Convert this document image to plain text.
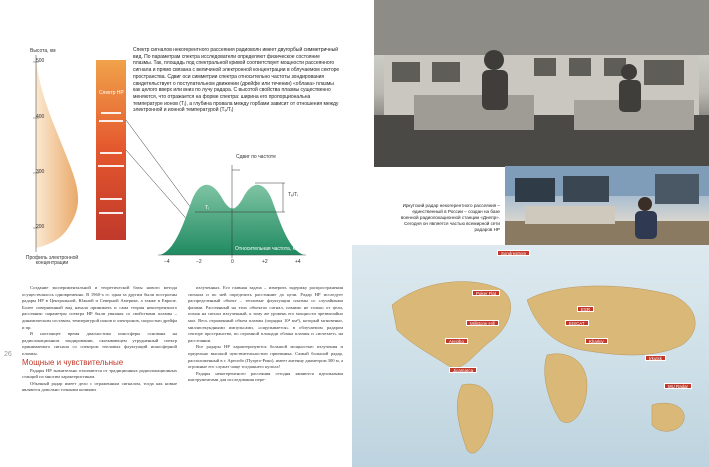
Высота, км
500
400
300
200
Профиль электронной концентрации
Спектр НР
−4	−2	0	+2	+4
Относительная частота, кГц
Сдвиг по частоте
Tₑ/Tᵢ
Tᵢ
Спектр сигналов некогерентного рассеяния радиоволн имеет двугорбый симметричный вид. По параметрам спектра исследователи определяют физическое состояние плазмы. Так, площадь под спектральной кривой соответствует мощности рассеянного сигнала и прямо связана с величиной электронной концентрации в облучаемом секторе пространства. Сдвиг оси симметрии спектра относительно частоты зондирования свидетельствует о поступательном движении (дрейфе или течении) «облака» плазмы как целого вверх или вниз по лучу радара. С высотой свойства плазмы существенно меняются, что отражается на форме спектра: ширина его пропорциональна температуре ионов (Tᵢ), а глубина провала между горбами зависит от отношения между электронной и ионной температурой (Tₑ/Tᵢ)
Иркутский радар некогерентного рассеяния – единственный в России – создан на базе военной радиолокационной станции «Днепр». Сегодня он является частью всемирной сети радаров НР

Создание экспериментальной и теоретической базы нового метода осуществлялось одновременно. В 1960-х гг. одни за другим были построены радары НР в Центральной, Южной и Северной Америке, а также в Европе. Более совершенный вид начала принимать и сама теория некогерентного рассеяния: параметры спектра НР были увязаны со свойствами плазмы – динамическим составом, температурой ионов и электронов, скоростью дрейфа и пр.

В настоящее время диагностика ионосферы основана на радиолокационном зондировании, оказывающем утрудненный спектр принимаемого сигнала со спектром тепловых флуктуаций ионосферной плазмы.

Мощные и чувствительные

Радары НР значительно отличаются от традиционных радиолокационных станций по многим характеристикам.

Обычный радар имеет дело с отраженным сигналом, тогда как новые являются довольно точными копиями

излученных. Его главная задача – измерить задержку распространения сигнала и по ней определить расстояние до цели. Радар НР исследует распределенный объект – тепловые флуктуации плазмы со случайными фазами. Рассеянный на этих объектах сигнал, помимо не только от цели, похож на сигнал излученный, к тому же уровень его мощности чрезвычайно мал. Весь отраженный объем плазмы (порядка 10⁴ км³), который мгновенно, миллисекундными импульсами, «ощупывается» в облучаемом радаром секторе пространства, по огромной площади облака плазмы и «исчезает» на расстоянии.

Все радары НР характеризуются большой мощностью излучения и предельно высокой чувствительностью приемника. Самый большой радар, расположенный в г. Аресибо (Пуэрто-Рико), имеет антенну диаметром 300 м, а огромные его служат чаще тогдашнего купола!

Радары некогерентного рассеяния сегодня являются идеальными инструментами для исследования пере-

26
Sondrestrom
Poker Flat
Arecibo
Jicamarca
EISCAT
ESR
Millstone Hill
Kharkiv
Irkutsk
MU Radar
